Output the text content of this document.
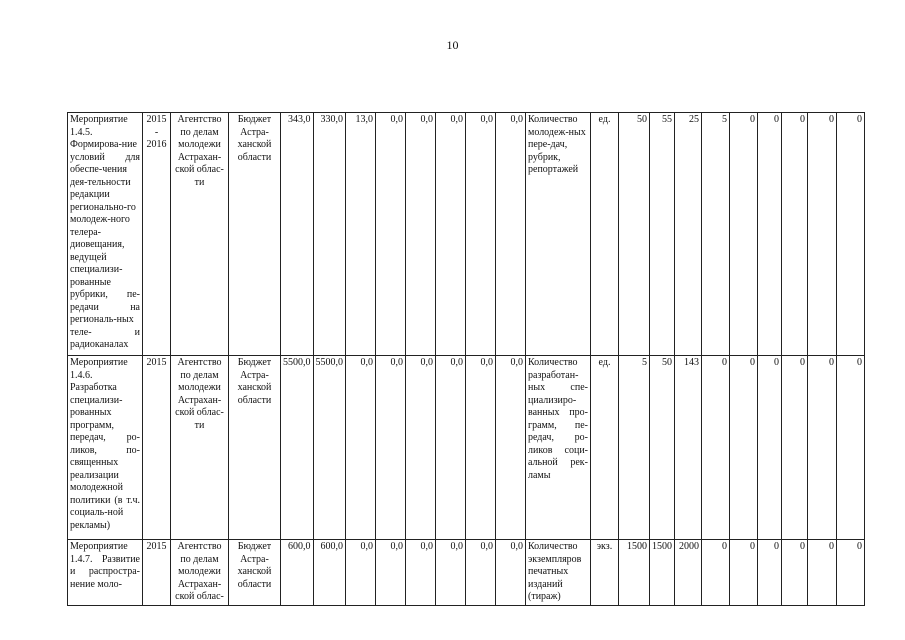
10
Мероприятие 1.4.5. Формирова-ние условий для обеспе-чения дея-тельности редакции регионально-го молодеж-ного телера-диовещания, ведущей специализи-рованные рубрики, пе-редачи на региональ-ных теле- и радиоканалах	2015 - 2016	Агентство по делам молодежи Астрахан-ской облас-ти	Бюджет Астра-ханской области	343,0	330,0	13,0	0,0	0,0	0,0	0,0	0,0	Количество молодеж-ных пере-дач, рубрик, репортажей	ед.	50	55	25	5	0	0	0	0	0
Мероприятие 1.4.6. Разработка специализи-рованных программ, передач, ро-ликов, по-священных реализации молодежной политики (в т.ч. социаль-ной рекламы)	2015	Агентство по делам молодежи Астрахан-ской облас-ти	Бюджет Астра-ханской области	5500,0	5500,0	0,0	0,0	0,0	0,0	0,0	0,0	Количество разработан-ных спе-циализиро-ванных про-грамм, пе-редач, ро-ликов соци-альной рек-ламы	ед.	5	50	143	0	0	0	0	0	0
Мероприятие 1.4.7. Развитие и распростра-нение моло-	2015	Агентство по делам молодежи Астрахан-ской облас-	Бюджет Астра-ханской области	600,0	600,0	0,0	0,0	0,0	0,0	0,0	0,0	Количество экземпляров печатных изданий (тираж)	экз.	1500	1500	2000	0	0	0	0	0	0
